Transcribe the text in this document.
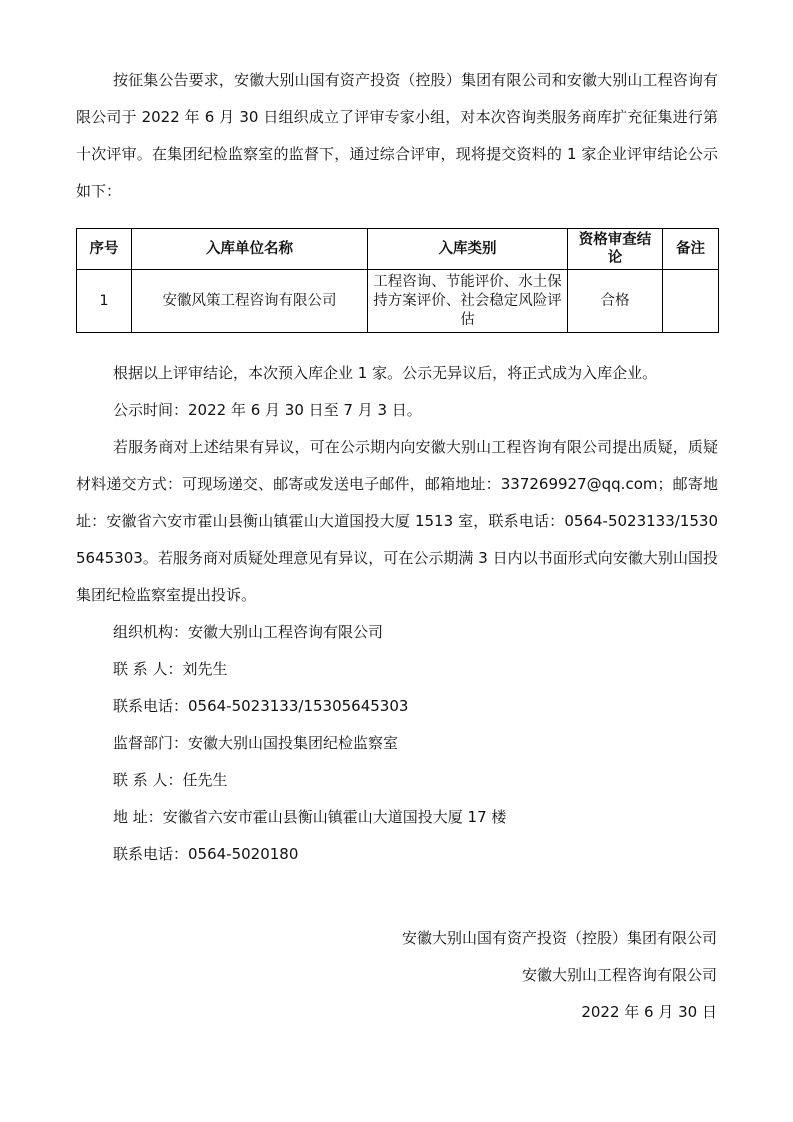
按征集公告要求，安徽大别山国有资产投资（控股）集团有限公司和安徽大别山工程咨询有限公司于 2022 年 6 月 30 日组织成立了评审专家小组，对本次咨询类服务商库扩充征集进行第十次评审。在集团纪检监察室的监督下，通过综合评审，现将提交资料的 1 家企业评审结论公示如下：

序号	入库单位名称	入库类别	资格审查结论	备注
1	安徽风策工程咨询有限公司	工程咨询、节能评价、水土保持方案评价、社会稳定风险评估	合格	

根据以上评审结论，本次预入库企业 1 家。公示无异议后，将正式成为入库企业。

公示时间：2022 年 6 月 30 日至 7 月 3 日。

若服务商对上述结果有异议，可在公示期内向安徽大别山工程咨询有限公司提出质疑，质疑材料递交方式：可现场递交、邮寄或发送电子邮件，邮箱地址：337269927@qq.com；邮寄地址：安徽省六安市霍山县衡山镇霍山大道国投大厦 1513 室，联系电话：0564-5023133/15305645303。若服务商对质疑处理意见有异议，可在公示期满 3 日内以书面形式向安徽大别山国投集团纪检监察室提出投诉。

组织机构：安徽大别山工程咨询有限公司

联 系 人：刘先生

联系电话：0564-5023133/15305645303

监督部门：安徽大别山国投集团纪检监察室

联 系 人：任先生

地 址：安徽省六安市霍山县衡山镇霍山大道国投大厦 17 楼

联系电话：0564-5020180

安徽大别山国有资产投资（控股）集团有限公司
安徽大别山工程咨询有限公司
2022 年 6 月 30 日
